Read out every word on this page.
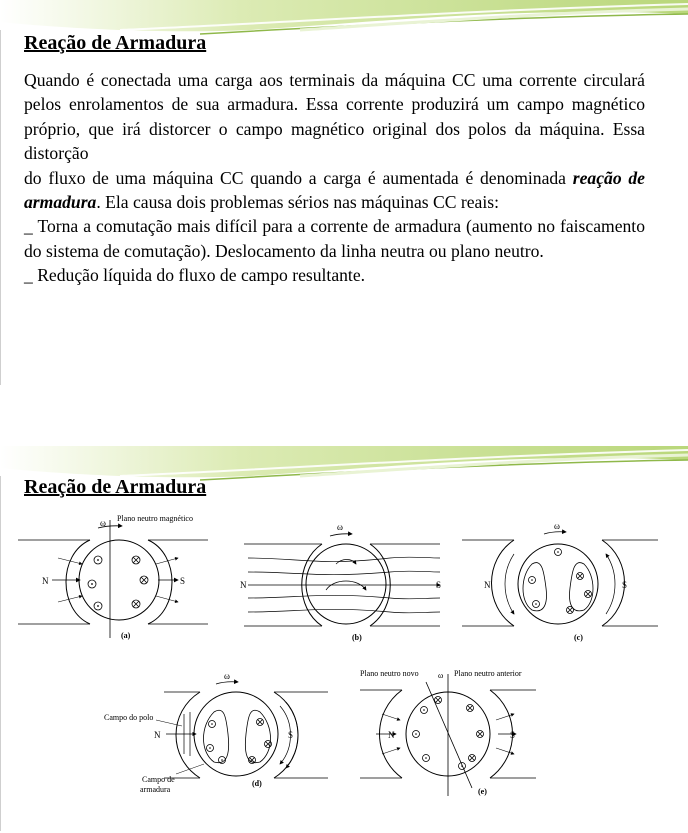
Reação de Armadura

Quando é conectada uma carga aos terminais da máquina CC uma corrente circulará pelos enrolamentos de sua armadura. Essa corrente produzirá um campo magnético próprio, que irá distorcer o campo magnético original dos polos da máquina. Essa distorção

do fluxo de uma máquina CC quando a carga é aumentada é denominada reação de armadura. Ela causa dois problemas sérios nas máquinas CC reais:

_ Torna a comutação mais difícil para a corrente de armadura (aumento no faiscamento do sistema de comutação). Deslocamento da linha neutra ou plano neutro.

_ Redução líquida do fluxo de campo resultante.

Reação de Armadura
ω Plano neutro magnético
N	S
(a)
ω
N	S
(b)
ω
N	S
(c)
ω
Campo do polo
N	S
Campo de
armadura
(d)
ω
Plano neutro novo	Plano neutro anterior
N	S
(e)
